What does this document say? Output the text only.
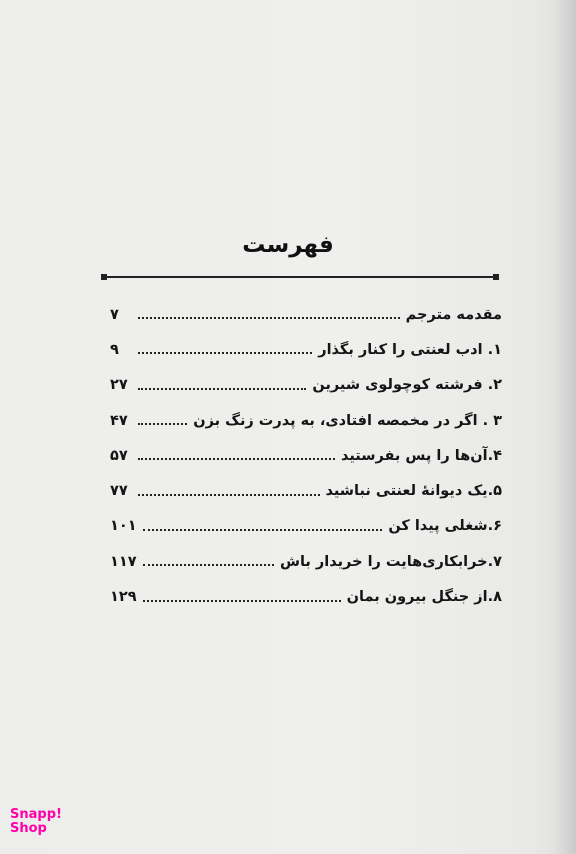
فهرست
مقدمه مترجم
۷
۱. ادب لعنتی را کنار بگذار
۹
۲. فرشته کوچولوی شیرین
۲۷
۳ . اگر در مخمصه افتادی، به پدرت زنگ بزن
۴۷
۴.آن‌ها را پس بفرستید
۵۷
۵.یک دیوانهٔ لعنتی نباشید
۷۷
۶.شغلی پیدا کن
۱۰۱
۷.خرابکاری‌هایت را خریدار باش
۱۱۷
۸.از جنگل بیرون بمان
۱۲۹
Snapp!
Shop
